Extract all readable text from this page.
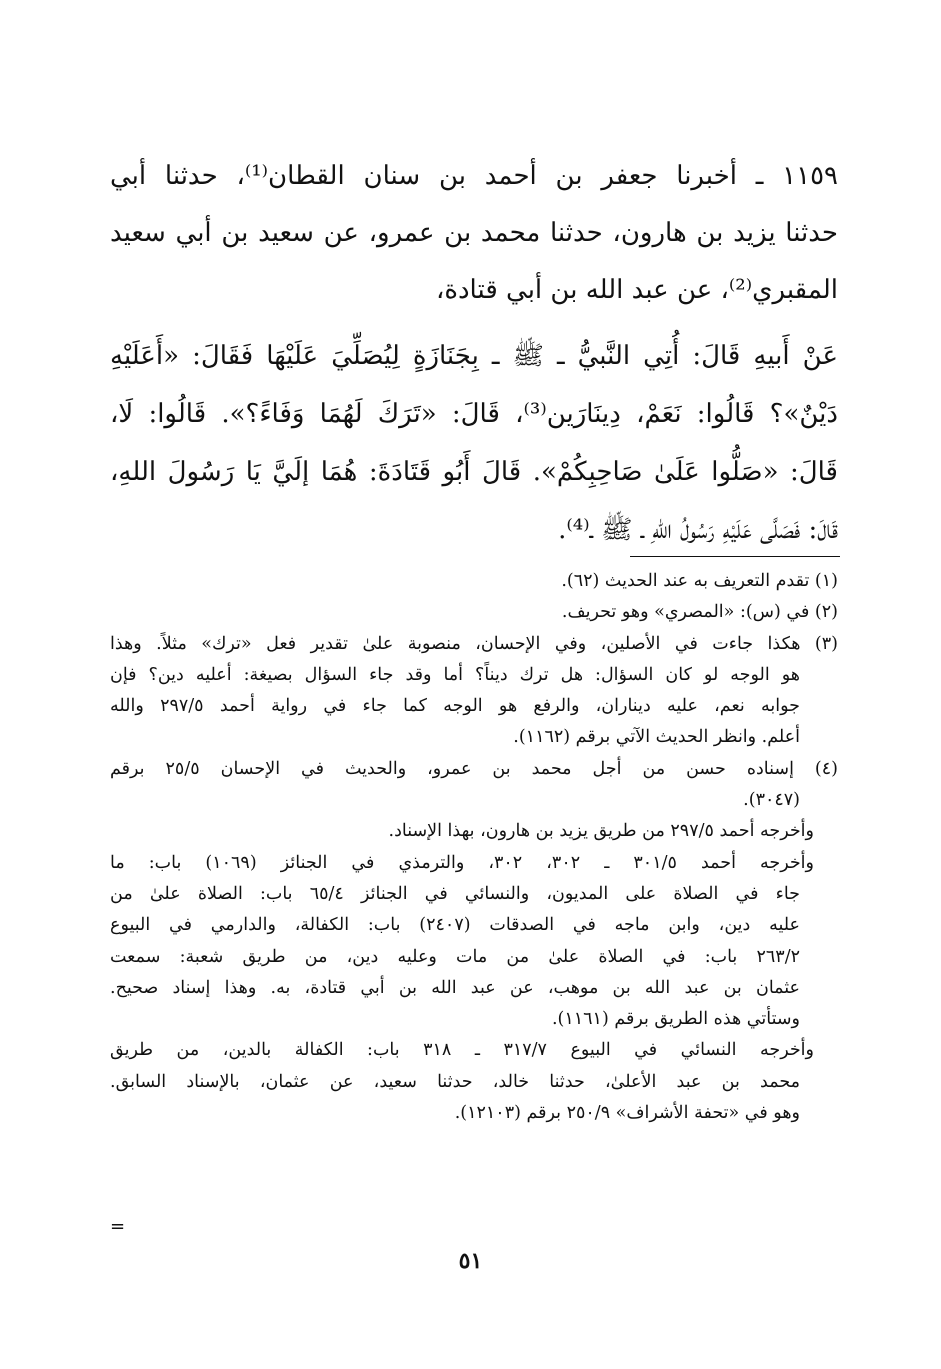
١١٥٩ ـ أخبرنا جعفر بن أحمد بن سنان القطان⁽¹⁾، حدثنا أبي
حدثنا يزيد بن هارون، حدثنا محمد بن عمرو، عن سعيد بن أبي سعيد
المقبري⁽²⁾، عن عبد الله بن أبي قتادة،
عَنْ أَبيهِ قَالَ: أُتِي النَّبيُّ ـ ﷺ ـ بِجَنَازَةٍ لِيُصَلِّيَ عَلَيْهَا فَقَالَ: «أَعَلَيْهِ
دَيْنٌ»؟ قَالُوا: نَعَمْ، دِينَارَين⁽³⁾، قَالَ: «تَرَكَ لَهُمَا وَفَاءً؟». قَالُوا: لَا،
قَالَ: «صَلُّوا عَلَىٰ صَاحِبِكُمْ». قَالَ أَبُو قَتَادَةَ: هُمَا إلَيَّ يَا رَسُولَ اللهِ،
قَالَ: فَصَلَّى عَلَيْهِ رَسُولُ اللهِ ـ ﷺ ـ⁽⁴⁾.
(١) تقدم التعريف به عند الحديث (٦٢).
(٢) في (س): «المصري» وهو تحريف.
(٣) هكذا جاءت في الأصلين، وفي الإحسان، منصوبة علىٰ تقدير فعل «ترك» مثلاً. وهذا
هو الوجه لو كان السؤال: هل ترك ديناً؟ أما وقد جاء السؤال بصيغة: أعليه دين؟ فإن
جوابه نعم، عليه ديناران، والرفع هو الوجه كما جاء في رواية أحمد ٢٩٧/٥ والله
أعلم. وانظر الحديث الآتي برقم (١١٦٢).
(٤) إسناده حسن من أجل محمد بن عمرو، والحديث في الإحسان ٢٥/٥ برقم
(٣٠٤٧).
وأخرجه أحمد ٢٩٧/٥ من طريق يزيد بن هارون، بهذا الإسناد.
وأخرجه أحمد ٣٠١/٥ ـ ٣٠٢، ٣٠٢، والترمذي في الجنائز (١٠٦٩) باب: ما
جاء في الصلاة على المديون، والنسائي في الجنائز ٦٥/٤ باب: الصلاة علىٰ من
عليه دين، وابن ماجه في الصدقات (٢٤٠٧) باب: الكفالة، والدارمي في البيوع
٢٦٣/٢ باب: في الصلاة علىٰ من مات وعليه دين، من طريق شعبة: سمعت
عثمان بن عبد الله بن موهب، عن عبد الله بن أبي قتادة، به. وهذا إسناد صحيح.
وستأتي هذه الطريق برقم (١١٦١).
وأخرجه النسائي في البيوع ٣١٧/٧ ـ ٣١٨ باب: الكفالة بالدين، من طريق
محمد بن عبد الأعلىٰ، حدثنا خالد، حدثنا سعيد، عن عثمان، بالإسناد السابق.
وهو في «تحفة الأشراف» ٢٥٠/٩ برقم (١٢١٠٣).
=
٥١
